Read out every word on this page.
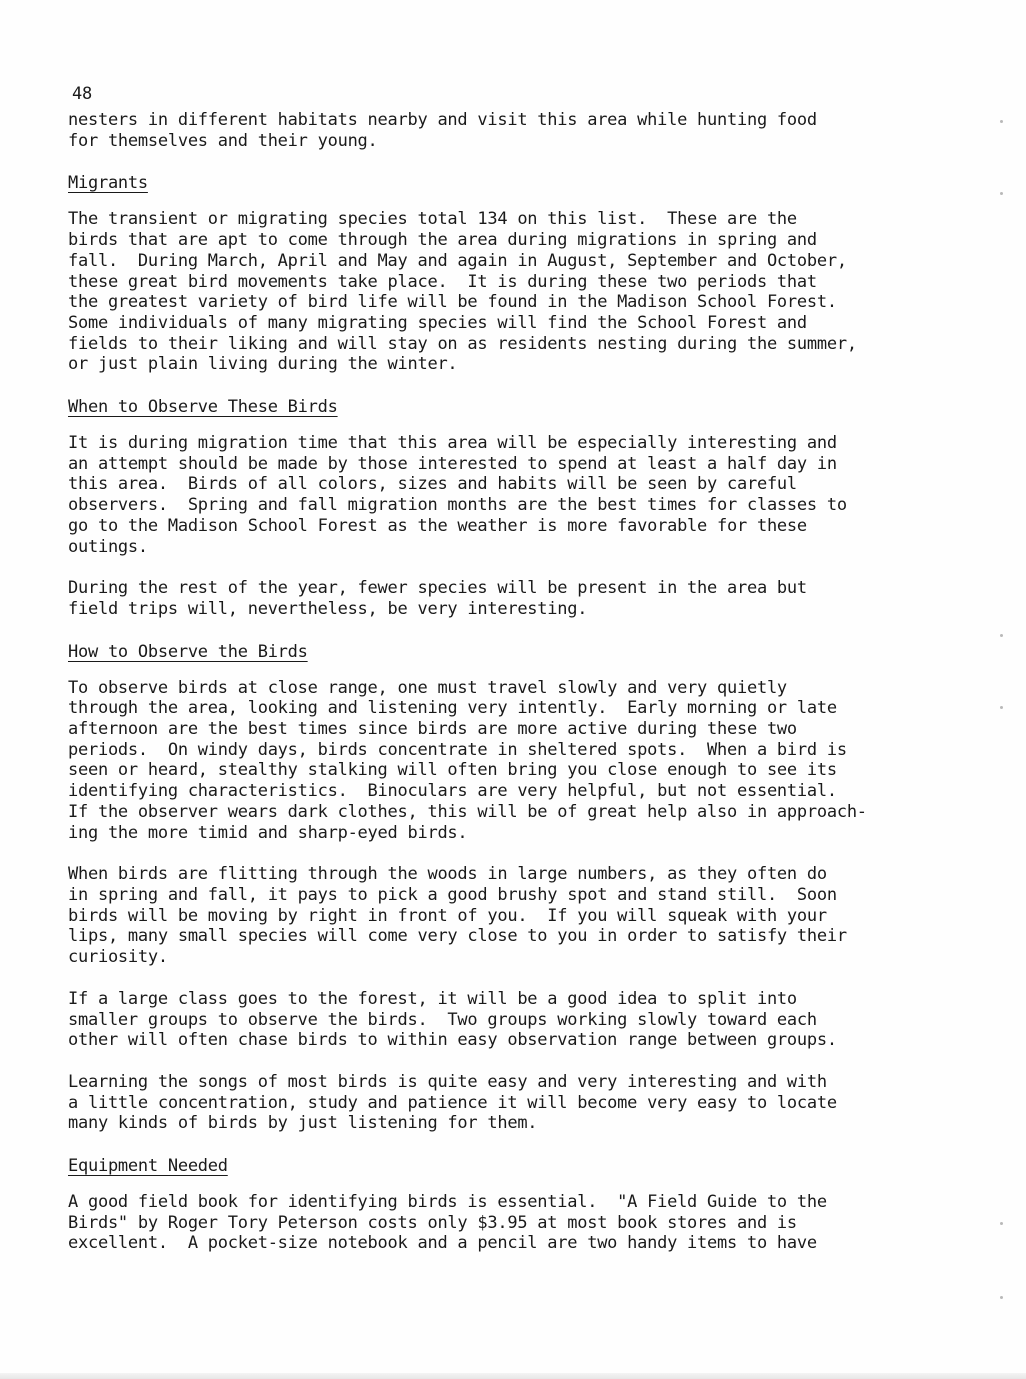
48
nesters in different habitats nearby and visit this area while hunting food
for themselves and their young.
Migrants
The transient or migrating species total 134 on this list.  These are the
birds that are apt to come through the area during migrations in spring and
fall.  During March, April and May and again in August, September and October,
these great bird movements take place.  It is during these two periods that
the greatest variety of bird life will be found in the Madison School Forest.
Some individuals of many migrating species will find the School Forest and
fields to their liking and will stay on as residents nesting during the summer,
or just plain living during the winter.
When to Observe These Birds
It is during migration time that this area will be especially interesting and
an attempt should be made by those interested to spend at least a half day in
this area.  Birds of all colors, sizes and habits will be seen by careful
observers.  Spring and fall migration months are the best times for classes to
go to the Madison School Forest as the weather is more favorable for these
outings.
During the rest of the year, fewer species will be present in the area but
field trips will, nevertheless, be very interesting.
How to Observe the Birds
To observe birds at close range, one must travel slowly and very quietly
through the area, looking and listening very intently.  Early morning or late
afternoon are the best times since birds are more active during these two
periods.  On windy days, birds concentrate in sheltered spots.  When a bird is
seen or heard, stealthy stalking will often bring you close enough to see its
identifying characteristics.  Binoculars are very helpful, but not essential.
If the observer wears dark clothes, this will be of great help also in approach-
ing the more timid and sharp-eyed birds.
When birds are flitting through the woods in large numbers, as they often do
in spring and fall, it pays to pick a good brushy spot and stand still.  Soon
birds will be moving by right in front of you.  If you will squeak with your
lips, many small species will come very close to you in order to satisfy their
curiosity.
If a large class goes to the forest, it will be a good idea to split into
smaller groups to observe the birds.  Two groups working slowly toward each
other will often chase birds to within easy observation range between groups.
Learning the songs of most birds is quite easy and very interesting and with
a little concentration, study and patience it will become very easy to locate
many kinds of birds by just listening for them.
Equipment Needed
A good field book for identifying birds is essential.  "A Field Guide to the
Birds" by Roger Tory Peterson costs only $3.95 at most book stores and is
excellent.  A pocket-size notebook and a pencil are two handy items to have
